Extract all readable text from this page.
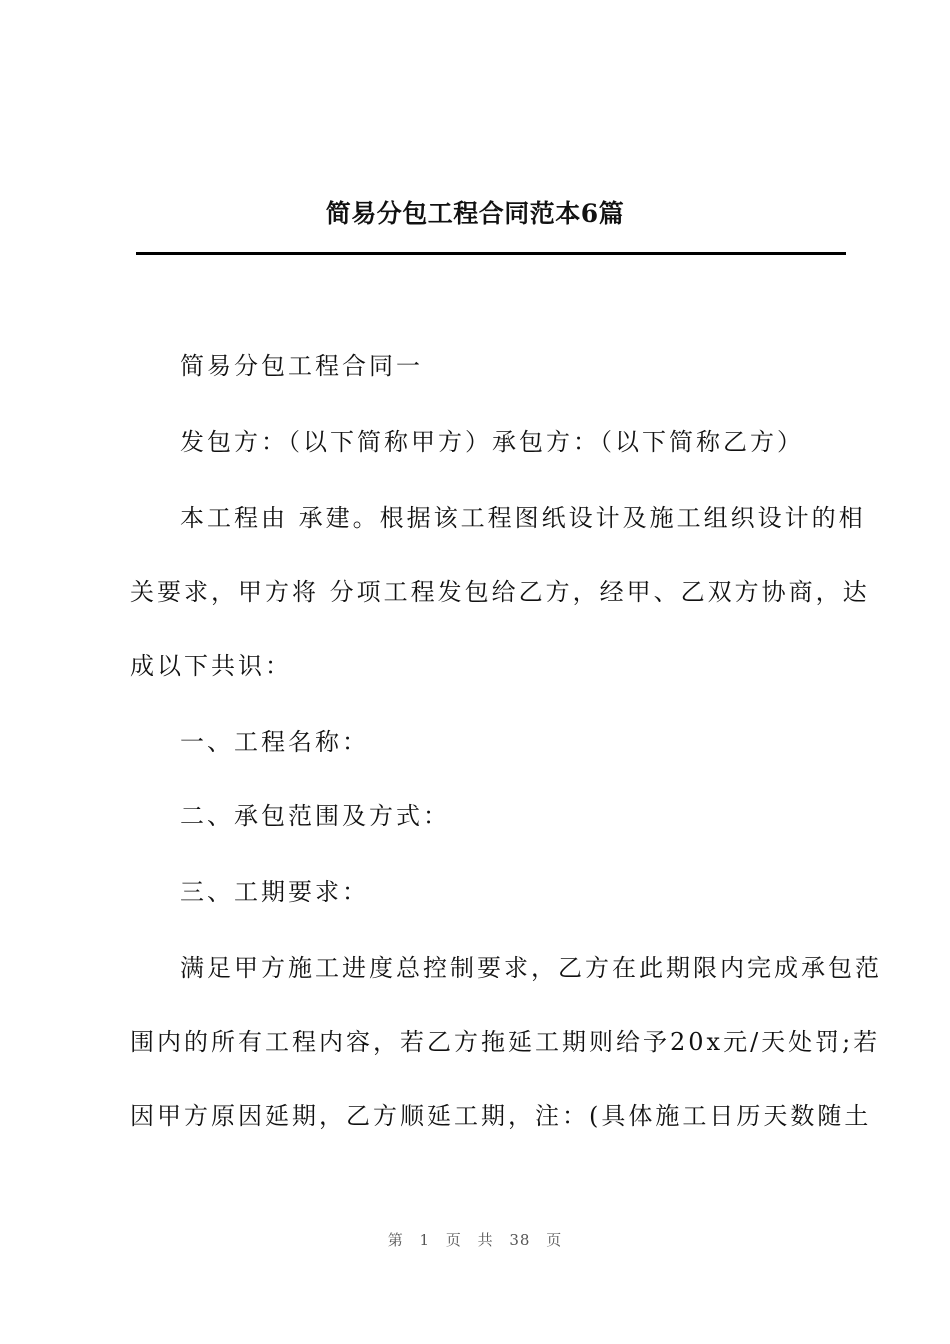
简易分包工程合同范本6篇
简易分包工程合同一
发包方：（以下简称甲方）承包方：（以下简称乙方）
本工程由 承建。根据该工程图纸设计及施工组织设计的相
关要求，甲方将 分项工程发包给乙方，经甲、乙双方协商，达
成以下共识：
一、工程名称：
二、承包范围及方式：
三、工期要求：
满足甲方施工进度总控制要求，乙方在此期限内完成承包范
围内的所有工程内容，若乙方拖延工期则给予20x元/天处罚;若
因甲方原因延期，乙方顺延工期，注：(具体施工日历天数随土
第 1 页 共 38 页
